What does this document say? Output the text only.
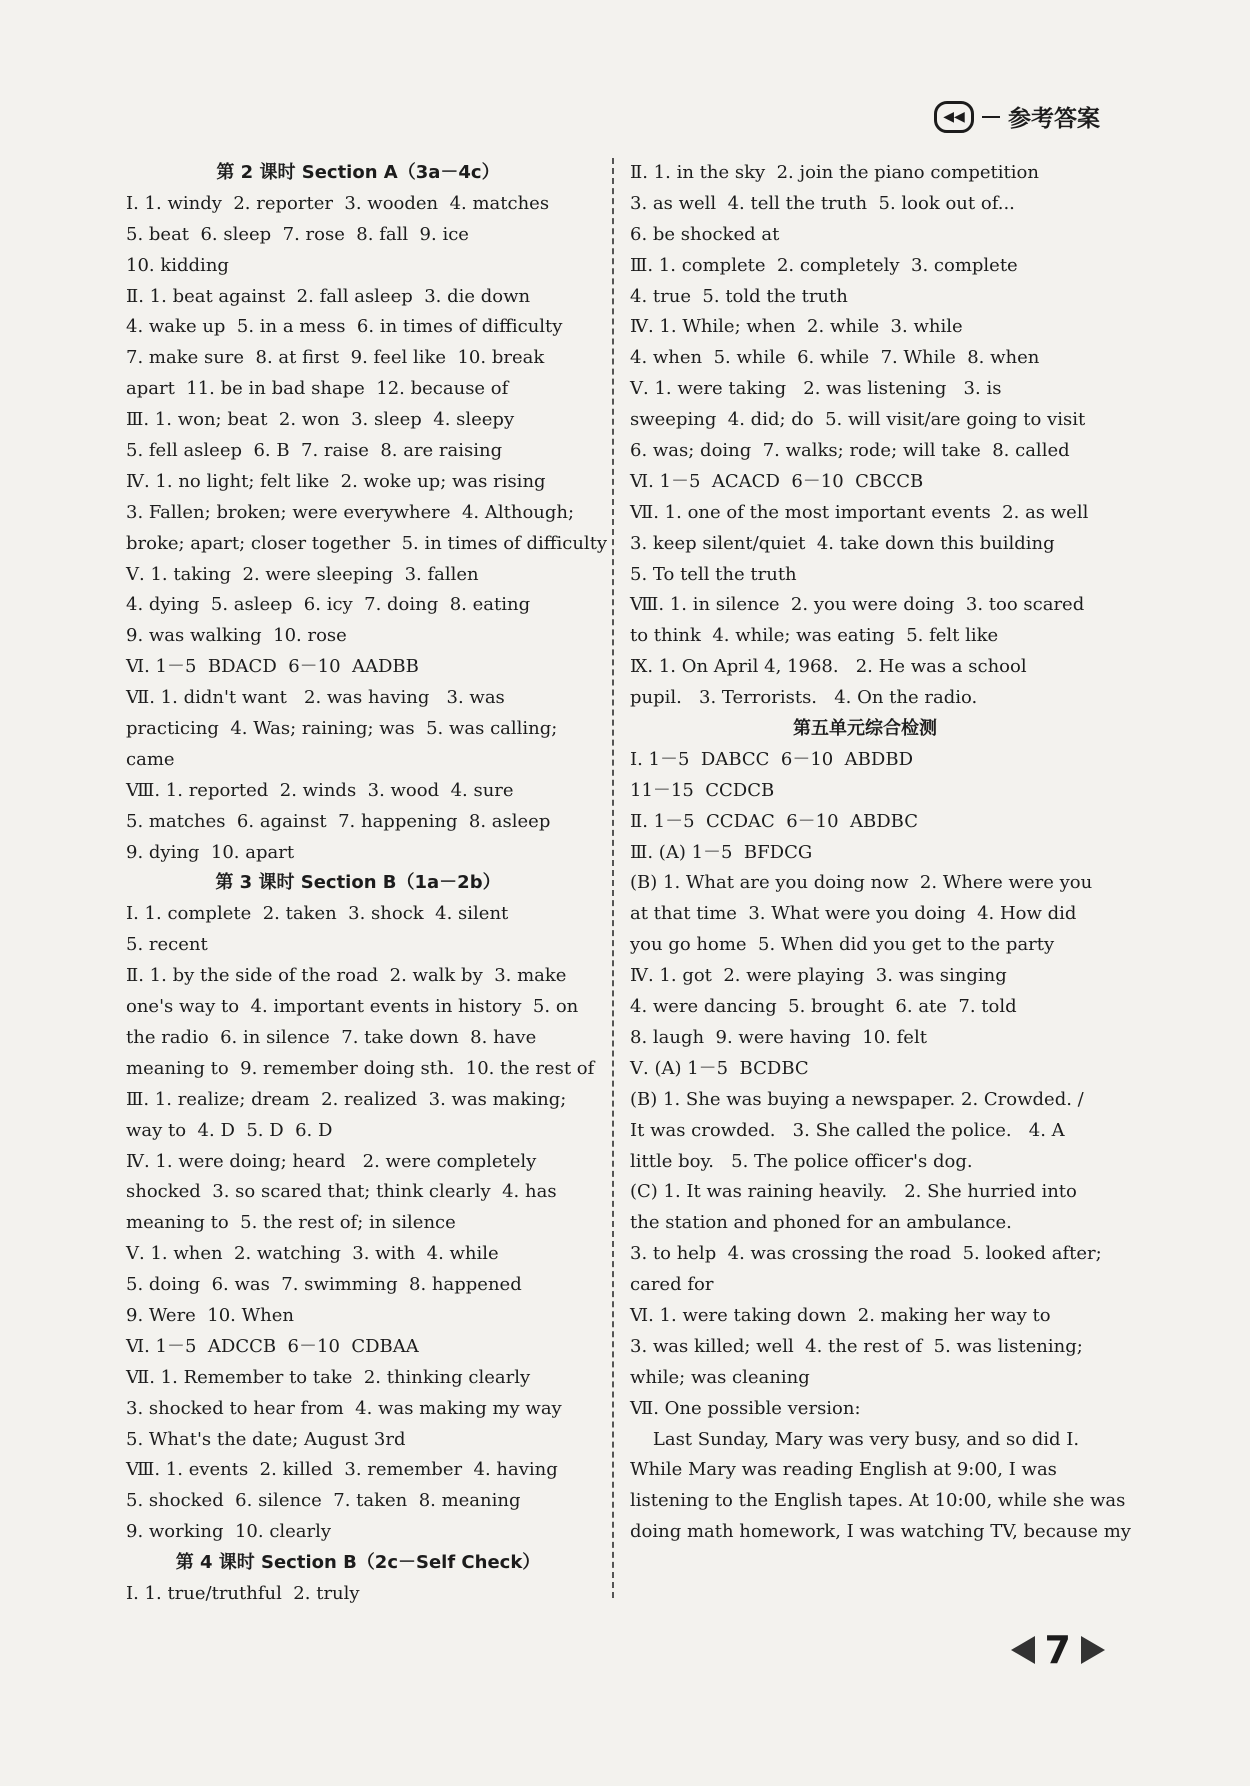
◀◀	参考答案
第 2 课时 Section A（3a－4c）
Ⅰ. 1. windy  2. reporter  3. wooden  4. matches
5. beat  6. sleep  7. rose  8. fall  9. ice
10. kidding
Ⅱ. 1. beat against  2. fall asleep  3. die down
4. wake up  5. in a mess  6. in times of difficulty
7. make sure  8. at first  9. feel like  10. break
apart  11. be in bad shape  12. because of
Ⅲ. 1. won; beat  2. won  3. sleep  4. sleepy
5. fell asleep  6. B  7. raise  8. are raising
Ⅳ. 1. no light; felt like  2. woke up; was rising
3. Fallen; broken; were everywhere  4. Although;
broke; apart; closer together  5. in times of difficulty
Ⅴ. 1. taking  2. were sleeping  3. fallen
4. dying  5. asleep  6. icy  7. doing  8. eating
9. was walking  10. rose
Ⅵ. 1－5  BDACD  6－10  AADBB
Ⅶ. 1. didn't want   2. was having   3. was
practicing  4. Was; raining; was  5. was calling;
came
Ⅷ. 1. reported  2. winds  3. wood  4. sure
5. matches  6. against  7. happening  8. asleep
9. dying  10. apart
第 3 课时 Section B（1a－2b）
Ⅰ. 1. complete  2. taken  3. shock  4. silent
5. recent
Ⅱ. 1. by the side of the road  2. walk by  3. make
one's way to  4. important events in history  5. on
the radio  6. in silence  7. take down  8. have
meaning to  9. remember doing sth.  10. the rest of
Ⅲ. 1. realize; dream  2. realized  3. was making;
way to  4. D  5. D  6. D
Ⅳ. 1. were doing; heard   2. were completely
shocked  3. so scared that; think clearly  4. has
meaning to  5. the rest of; in silence
Ⅴ. 1. when  2. watching  3. with  4. while
5. doing  6. was  7. swimming  8. happened
9. Were  10. When
Ⅵ. 1－5  ADCCB  6－10  CDBAA
Ⅶ. 1. Remember to take  2. thinking clearly
3. shocked to hear from  4. was making my way
5. What's the date; August 3rd
Ⅷ. 1. events  2. killed  3. remember  4. having
5. shocked  6. silence  7. taken  8. meaning
9. working  10. clearly
第 4 课时 Section B（2c－Self Check）
Ⅰ. 1. true/truthful  2. truly
Ⅱ. 1. in the sky  2. join the piano competition
3. as well  4. tell the truth  5. look out of...
6. be shocked at
Ⅲ. 1. complete  2. completely  3. complete
4. true  5. told the truth
Ⅳ. 1. While; when  2. while  3. while
4. when  5. while  6. while  7. While  8. when
Ⅴ. 1. were taking   2. was listening   3. is
sweeping  4. did; do  5. will visit/are going to visit
6. was; doing  7. walks; rode; will take  8. called
Ⅵ. 1－5  ACACD  6－10  CBCCB
Ⅶ. 1. one of the most important events  2. as well
3. keep silent/quiet  4. take down this building
5. To tell the truth
Ⅷ. 1. in silence  2. you were doing  3. too scared
to think  4. while; was eating  5. felt like
Ⅸ. 1. On April 4, 1968.   2. He was a school
pupil.   3. Terrorists.   4. On the radio.
第五单元综合检测
Ⅰ. 1－5  DABCC  6－10  ABDBD
11－15  CCDCB
Ⅱ. 1－5  CCDAC  6－10  ABDBC
Ⅲ. (A) 1－5  BFDCG
(B) 1. What are you doing now  2. Where were you
at that time  3. What were you doing  4. How did
you go home  5. When did you get to the party
Ⅳ. 1. got  2. were playing  3. was singing
4. were dancing  5. brought  6. ate  7. told
8. laugh  9. were having  10. felt
Ⅴ. (A) 1－5  BCDBC
(B) 1. She was buying a newspaper. 2. Crowded. /
It was crowded.   3. She called the police.   4. A
little boy.   5. The police officer's dog.
(C) 1. It was raining heavily.   2. She hurried into
the station and phoned for an ambulance.
3. to help  4. was crossing the road  5. looked after;
cared for
Ⅵ. 1. were taking down  2. making her way to
3. was killed; well  4. the rest of  5. was listening;
while; was cleaning
Ⅶ. One possible version:
Last Sunday, Mary was very busy, and so did I.
While Mary was reading English at 9:00, I was
listening to the English tapes. At 10:00, while she was
doing math homework, I was watching TV, because my
7
